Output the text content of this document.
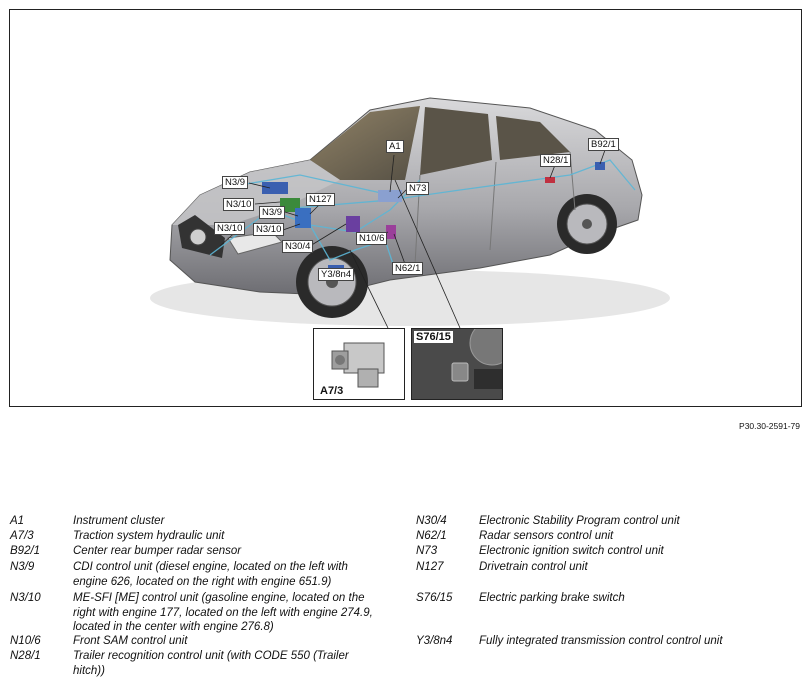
A1	B92/1
N28/1
N73
N3/9
N3/10
N3/9
N127
N3/10	N3/10
N30/4
N10/6
Y3/8n4
N62/1
A7/3
S76/15
P30.30-2591-79
A1	Instrument cluster
A7/3	Traction system hydraulic unit
B92/1	Center rear bumper radar sensor
N3/9	CDI control unit (diesel engine, located on the left with engine 626, located on the right with engine 651.9)
N3/10	ME-SFI [ME] control unit (gasoline engine, located on the right with engine 177, located on the left with engine 274.9, located in the center with engine 276.8)
N10/6	Front SAM control unit
N28/1	Trailer recognition control unit (with CODE 550 (Trailer hitch))
N30/4	Electronic Stability Program control unit
N62/1	Radar sensors control unit
N73	Electronic ignition switch control unit
N127	Drivetrain control unit
S76/15 Electric parking brake switch
Y3/8n4 Fully integrated transmission control control unit
